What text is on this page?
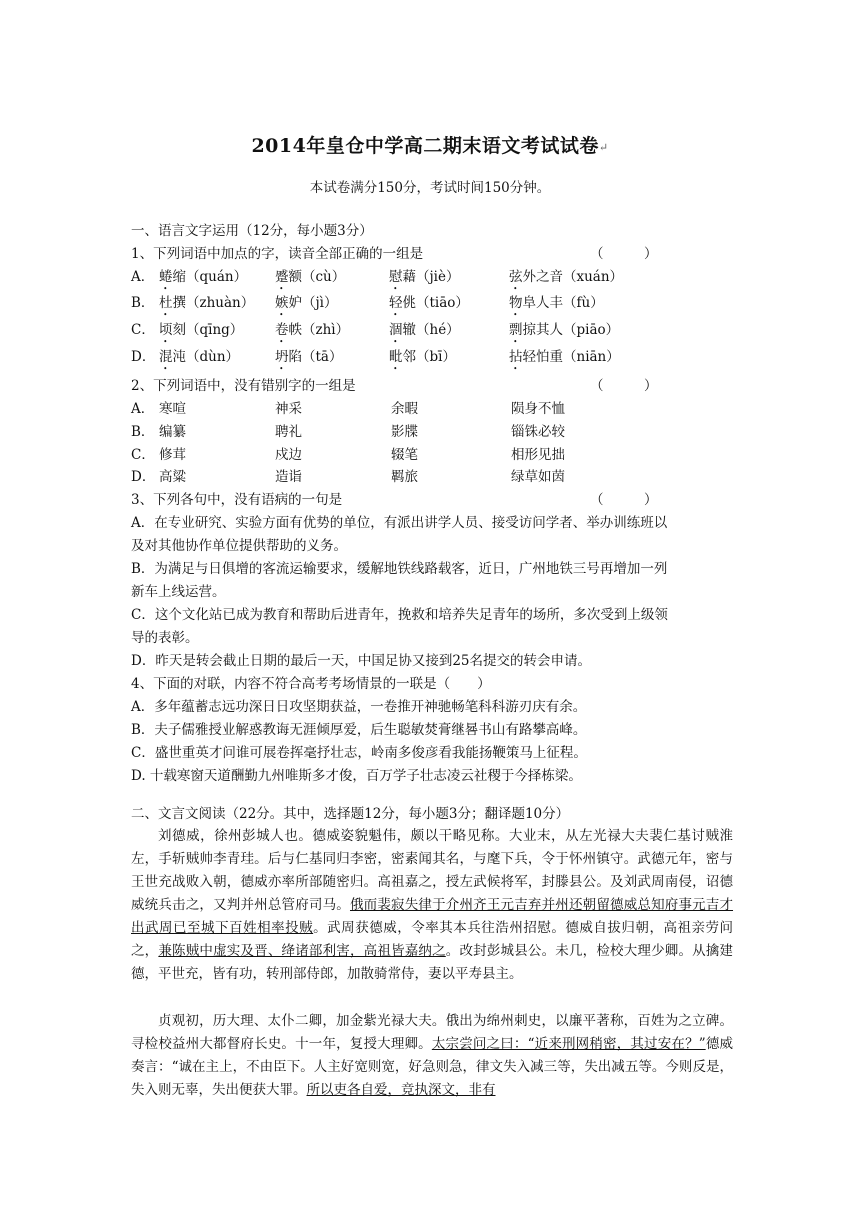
2014年皇仓中学高二期末语文考试试卷↵
本试卷满分150分，考试时间150分钟。
一、语言文字运用（12分，每小题3分）
1、下列词语中加点的字，读音全部正确的一组是	（　　　）
A． 蜷缩（quán） 蹙额（cù）	慰藉（jiè）	弦外之音（xuán）
B． 杜撰（zhuàn） 嫉妒（jì）	轻佻（tiāo）	物阜人丰（fù）
C． 顷刻（qīng） 卷帙（zhì）	涸辙（hé）	剽掠其人（piāo）
D． 混沌（dùn）	坍陷（tā）	毗邻（bī）	拈轻怕重（niān）
2、下列词语中，没有错别字的一组是	（　　　）
A． 寒喧	神采	余暇	陨身不恤
B． 编纂	聘礼	影牒	锱铢必较
C． 修茸	戍边	辍笔	相形见拙
D． 高粱	造诣	羁旅	绿草如茵
3、下列各句中，没有语病的一句是	（　　　）
A．在专业研究、实验方面有优势的单位，有派出讲学人员、接受访问学者、举办训练班以
及对其他协作单位提供帮助的义务。
B．为满足与日俱增的客流运输要求，缓解地铁线路载客，近日，广州地铁三号再增加一列
新车上线运营。
C．这个文化站已成为教育和帮助后进青年，挽救和培养失足青年的场所，多次受到上级领
导的表彰。
D．昨天是转会截止日期的最后一天，中国足协又接到25名提交的转会申请。
4、下面的对联，内容不符合高考考场情景的一联是（　　）
A．多年蕴蓄志远功深日日攻坚期获益，一卷推开神驰畅笔科科游刃庆有余。
B．夫子儒雅授业解惑教诲无涯倾厚爱，后生聪敏焚膏继晷书山有路攀高峰。
C．盛世重英才问谁可展卷挥毫抒壮志，岭南多俊彦看我能扬鞭策马上征程。
D. 十载寒窗天道酬勤九州唯斯多才俊，百万学子壮志凌云社稷于今择栋梁。
二、文言文阅读（22分。其中，选择题12分，每小题3分；翻译题10分）
刘德威，徐州彭城人也。德威姿貌魁伟，颇以干略见称。大业末，从左光禄大夫裴仁基讨贼淮左，手斩贼帅李青珪。后与仁基同归李密，密素闻其名，与麾下兵，令于怀州镇守。武德元年，密与王世充战败入朝，德威亦率所部随密归。高祖嘉之，授左武候将军，封滕县公。及刘武周南侵，诏德威统兵击之，又判并州总管府司马。俄而裴寂失律于介州齐王元吉弃并州还朝留德威总知府事元吉才出武周已至城下百姓相率投贼。武周获德威，令率其本兵往浩州招慰。德威自拔归朝，高祖亲劳问之，兼陈贼中虚实及晋、绛诸部利害，高祖皆嘉纳之。改封彭城县公。未几，检校大理少卿。从擒建德，平世充，皆有功，转刑部侍郎，加散骑常侍，妻以平寿县主。
贞观初，历大理、太仆二卿，加金紫光禄大夫。俄出为绵州刺史，以廉平著称，百姓为之立碑。寻检校益州大都督府长史。十一年，复授大理卿。太宗尝问之曰：“近来刑网稍密，其过安在？”德威奏言：“诚在主上，不由臣下。人主好宽则宽，好急则急，律文失入减三等，失出减五等。今则反是，失入则无辜，失出便获大罪。所以吏各自爱，竞执深文，非有
